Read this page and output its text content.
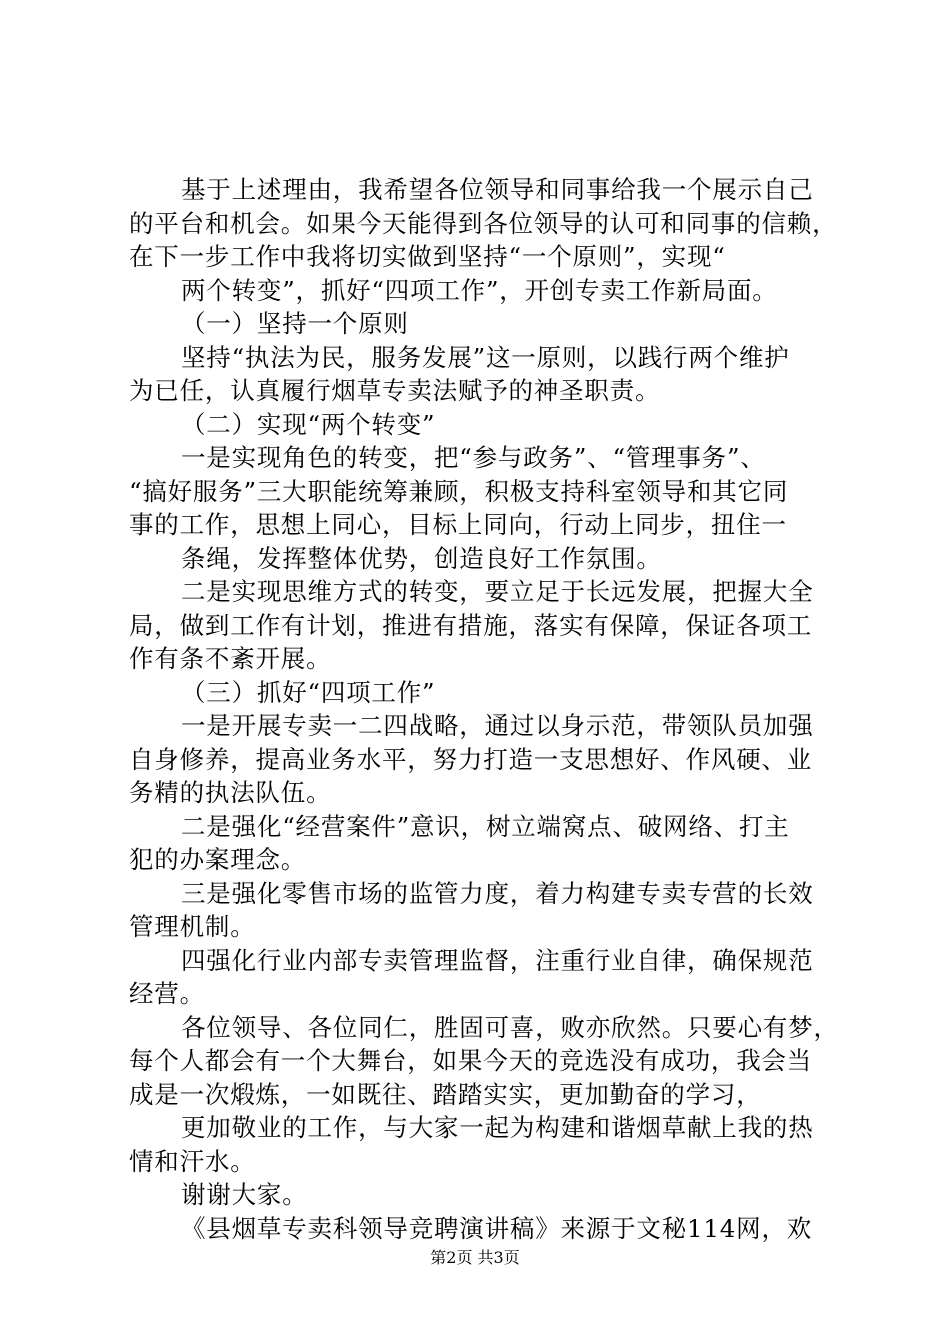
基于上述理由，我希望各位领导和同事给我一个展示自己
的平台和机会。如果今天能得到各位领导的认可和同事的信赖，
在下一步工作中我将切实做到坚持“一个原则”，实现“
两个转变”，抓好“四项工作”，开创专卖工作新局面。
（一）坚持一个原则
坚持“执法为民，服务发展”这一原则，以践行两个维护
为已任，认真履行烟草专卖法赋予的神圣职责。
（二）实现“两个转变”
一是实现角色的转变，把“参与政务”、“管理事务”、
“搞好服务”三大职能统筹兼顾，积极支持科室领导和其它同
事的工作，思想上同心，目标上同向，行动上同步，扭住一
条绳，发挥整体优势，创造良好工作氛围。
二是实现思维方式的转变，要立足于长远发展，把握大全
局，做到工作有计划，推进有措施，落实有保障，保证各项工
作有条不紊开展。
（三）抓好“四项工作”
一是开展专卖一二四战略，通过以身示范，带领队员加强
自身修养，提高业务水平，努力打造一支思想好、作风硬、业
务精的执法队伍。
二是强化“经营案件”意识，树立端窝点、破网络、打主
犯的办案理念。
三是强化零售市场的监管力度，着力构建专卖专营的长效
管理机制。
四强化行业内部专卖管理监督，注重行业自律，确保规范
经营。
各位领导、各位同仁，胜固可喜，败亦欣然。只要心有梦，
每个人都会有一个大舞台，如果今天的竞选没有成功，我会当
成是一次煅炼，一如既往、踏踏实实，更加勤奋的学习，
更加敬业的工作，与大家一起为构建和谐烟草献上我的热
情和汗水。
谢谢大家。
《县烟草专卖科领导竞聘演讲稿》来源于文秘114网，欢
第2页 共3页
